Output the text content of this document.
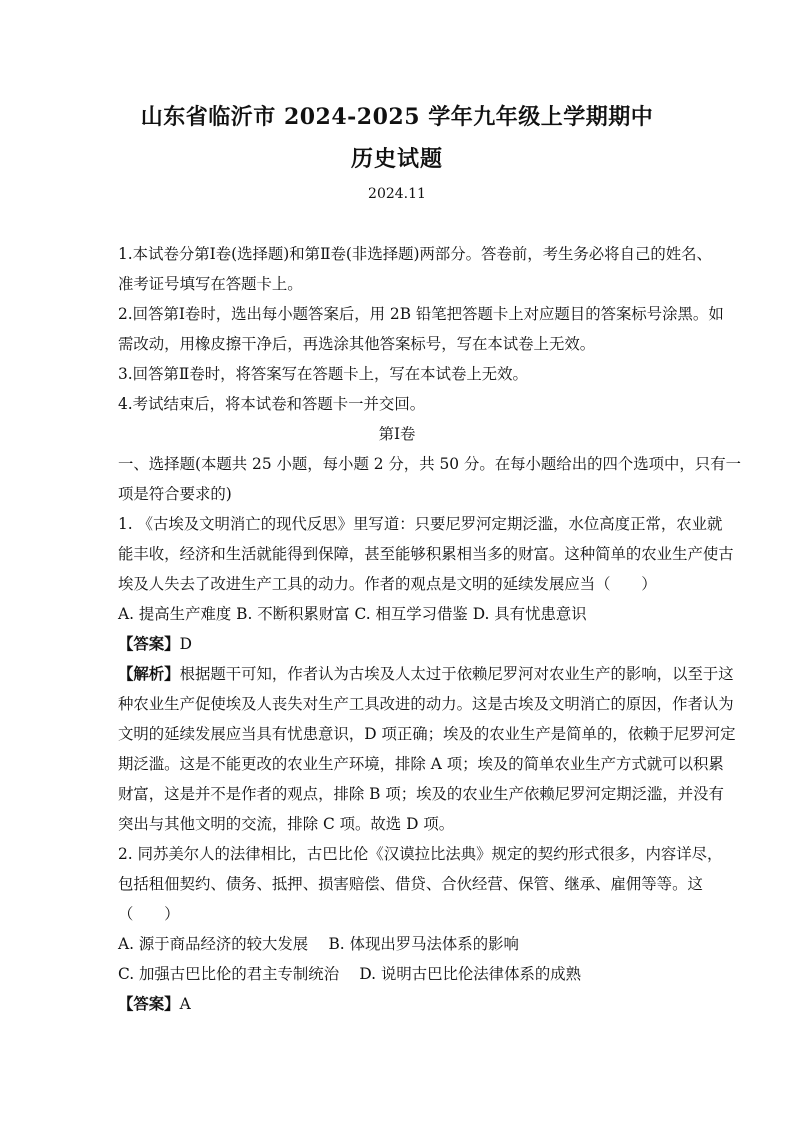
山东省临沂市 2024-2025 学年九年级上学期期中
历史试题
2024.11
1.本试卷分第Ⅰ卷(选择题)和第Ⅱ卷(非选择题)两部分。答卷前，考生务必将自己的姓名、
准考证号填写在答题卡上。
2.回答第Ⅰ卷时，选出每小题答案后，用 2B 铅笔把答题卡上对应题目的答案标号涂黑。如
需改动，用橡皮擦干净后，再选涂其他答案标号，写在本试卷上无效。
3.回答第Ⅱ卷时，将答案写在答题卡上，写在本试卷上无效。
4.考试结束后，将本试卷和答题卡一并交回。
第Ⅰ卷
一、选择题(本题共 25 小题，每小题 2 分，共 50 分。在每小题给出的四个选项中，只有一
项是符合要求的)
1. 《古埃及文明消亡的现代反思》里写道：只要尼罗河定期泛滥，水位高度正常，农业就
能丰收，经济和生活就能得到保障，甚至能够积累相当多的财富。这种简单的农业生产使古
埃及人失去了改进生产工具的动力。作者的观点是文明的延续发展应当（　　）
A. 提高生产难度 B. 不断积累财富 C. 相互学习借鉴 D. 具有忧患意识
【答案】D
【解析】根据题干可知，作者认为古埃及人太过于依赖尼罗河对农业生产的影响，以至于这
种农业生产促使埃及人丧失对生产工具改进的动力。这是古埃及文明消亡的原因，作者认为
文明的延续发展应当具有忧患意识，D 项正确；埃及的农业生产是简单的，依赖于尼罗河定
期泛滥。这是不能更改的农业生产环境，排除 A 项；埃及的简单农业生产方式就可以积累
财富，这是并不是作者的观点，排除 B 项；埃及的农业生产依赖尼罗河定期泛滥，并没有
突出与其他文明的交流，排除 C 项。故选 D 项。
2. 同苏美尔人的法律相比，古巴比伦《汉谟拉比法典》规定的契约形式很多，内容详尽，
包括租佃契约、债务、抵押、损害赔偿、借贷、合伙经营、保管、继承、雇佣等等。这
（　　）
A. 源于商品经济的较大发展　 B. 体现出罗马法体系的影响
C. 加强古巴比伦的君主专制统治　 D. 说明古巴比伦法律体系的成熟
【答案】A
